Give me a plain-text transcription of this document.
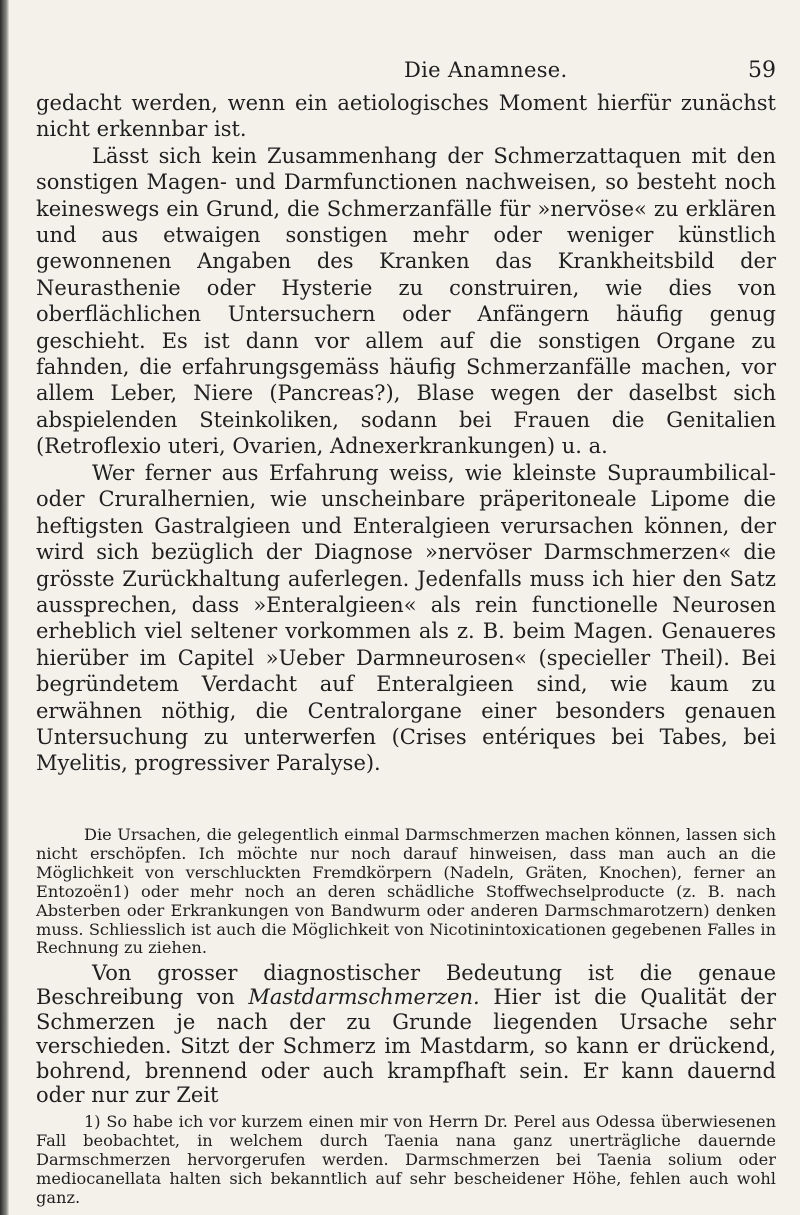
Die Anamnese.	59

gedacht werden, wenn ein aetiologisches Moment hierfür zunächst nicht erkennbar ist.

Lässt sich kein Zusammenhang der Schmerzattaquen mit den sonstigen Magen- und Darmfunctionen nachweisen, so besteht noch keineswegs ein Grund, die Schmerzanfälle für »nervöse« zu erklären und aus etwaigen sonstigen mehr oder weniger künstlich gewonnenen Angaben des Kranken das Krankheitsbild der Neurasthenie oder Hysterie zu construiren, wie dies von oberflächlichen Untersuchern oder Anfängern häufig genug geschieht. Es ist dann vor allem auf die sonstigen Organe zu fahnden, die erfahrungsgemäss häufig Schmerzanfälle machen, vor allem Leber, Niere (Pancreas?), Blase wegen der daselbst sich abspielenden Steinkoliken, sodann bei Frauen die Genitalien (Retroflexio uteri, Ovarien, Adnexerkrankungen) u. a.

Wer ferner aus Erfahrung weiss, wie kleinste Supraumbilical- oder Cruralhernien, wie unscheinbare präperitoneale Lipome die heftigsten Gastralgieen und Enteralgieen verursachen können, der wird sich bezüglich der Diagnose »nervöser Darmschmerzen« die grösste Zurückhaltung auferlegen. Jedenfalls muss ich hier den Satz aussprechen, dass »Enteralgieen« als rein functionelle Neurosen erheblich viel seltener vorkommen als z. B. beim Magen. Genaueres hierüber im Capitel »Ueber Darmneurosen« (specieller Theil). Bei begründetem Verdacht auf Enteralgieen sind, wie kaum zu erwähnen nöthig, die Centralorgane einer besonders genauen Untersuchung zu unterwerfen (Crises entériques bei Tabes, bei Myelitis, progressiver Paralyse).

Die Ursachen, die gelegentlich einmal Darmschmerzen machen können, lassen sich nicht erschöpfen. Ich möchte nur noch darauf hinweisen, dass man auch an die Möglichkeit von verschluckten Fremdkörpern (Nadeln, Gräten, Knochen), ferner an Entozoën1) oder mehr noch an deren schädliche Stoffwechselproducte (z. B. nach Absterben oder Erkrankungen von Bandwurm oder anderen Darmschmarotzern) denken muss. Schliesslich ist auch die Möglichkeit von Nicotinintoxicationen gegebenen Falles in Rechnung zu ziehen.

Von grosser diagnostischer Bedeutung ist die genaue Beschreibung von Mastdarmschmerzen. Hier ist die Qualität der Schmerzen je nach der zu Grunde liegenden Ursache sehr verschieden. Sitzt der Schmerz im Mastdarm, so kann er drückend, bohrend, brennend oder auch krampfhaft sein. Er kann dauernd oder nur zur Zeit

1) So habe ich vor kurzem einen mir von Herrn Dr. Perel aus Odessa überwiesenen Fall beobachtet, in welchem durch Taenia nana ganz unerträgliche dauernde Darmschmerzen hervorgerufen werden. Darmschmerzen bei Taenia solium oder mediocanellata halten sich bekanntlich auf sehr bescheidener Höhe, fehlen auch wohl ganz.
